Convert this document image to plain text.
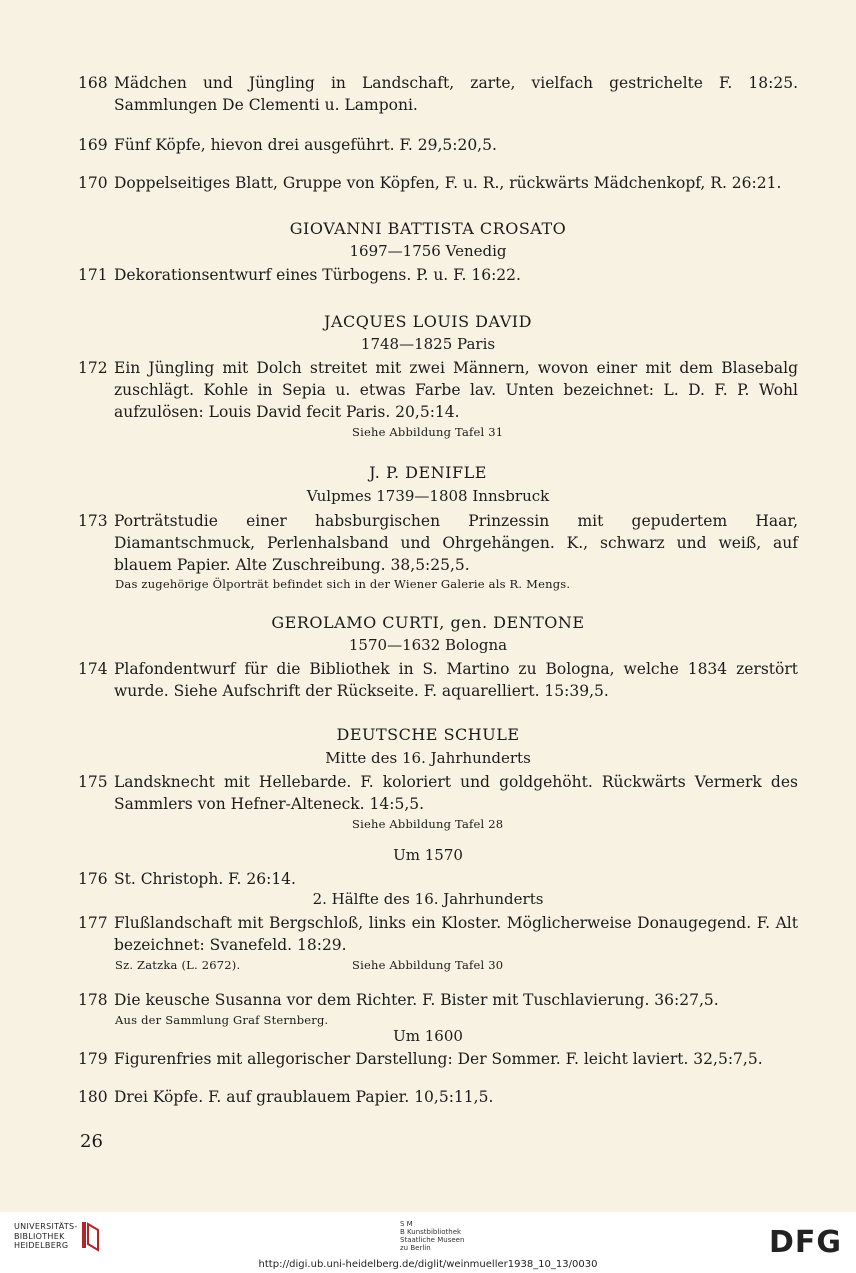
168 Mädchen und Jüngling in Landschaft, zarte, vielfach gestrichelte F. 18:25. Sammlungen De Clementi u. Lamponi.
169 Fünf Köpfe, hievon drei ausgeführt. F. 29,5:20,5.
170 Doppelseitiges Blatt, Gruppe von Köpfen, F. u. R., rückwärts Mädchenkopf, R. 26:21.
GIOVANNI BATTISTA CROSATO
1697—1756 Venedig
171 Dekorationsentwurf eines Türbogens. P. u. F. 16:22.
JACQUES LOUIS DAVID
1748—1825 Paris
172 Ein Jüngling mit Dolch streitet mit zwei Männern, wovon einer mit dem Blasebalg zuschlägt. Kohle in Sepia u. etwas Farbe lav. Unten bezeichnet: L. D. F. P. Wohl aufzulösen: Louis David fecit Paris. 20,5:14.
Siehe Abbildung Tafel 31
J. P. DENIFLE
Vulpmes 1739—1808 Innsbruck
173 Porträtstudie einer habsburgischen Prinzessin mit gepudertem Haar, Diamantschmuck, Perlenhalsband und Ohrgehängen. K., schwarz und weiß, auf blauem Papier. Alte Zuschreibung. 38,5:25,5.
Das zugehörige Ölporträt befindet sich in der Wiener Galerie als R. Mengs.
GEROLAMO CURTI, gen. DENTONE
1570—1632 Bologna
174 Plafondentwurf für die Bibliothek in S. Martino zu Bologna, welche 1834 zerstört wurde. Siehe Aufschrift der Rückseite. F. aquarelliert. 15:39,5.
DEUTSCHE SCHULE
Mitte des 16. Jahrhunderts
175 Landsknecht mit Hellebarde. F. koloriert und goldgehöht. Rückwärts Vermerk des Sammlers von Hefner-Alteneck. 14:5,5.
Siehe Abbildung Tafel 28
Um 1570
176 St. Christoph. F. 26:14.
2. Hälfte des 16. Jahrhunderts
177 Flußlandschaft mit Bergschloß, links ein Kloster. Möglicherweise Donaugegend. F. Alt bezeichnet: Svanefeld. 18:29.
Sz. Zatzka (L. 2672).	Siehe Abbildung Tafel 30
178 Die keusche Susanna vor dem Richter. F. Bister mit Tuschlavierung. 36:27,5.
Aus der Sammlung Graf Sternberg.
Um 1600
179 Figurenfries mit allegorischer Darstellung: Der Sommer. F. leicht laviert. 32,5:7,5.
180 Drei Köpfe. F. auf graublauem Papier. 10,5:11,5.
26
UNIVERSITÄTS-
BIBLIOTHEK
HEIDELBERG
S M
B Kunstbibliothek
Staatliche Museen
zu Berlin	DFG
http://digi.ub.uni-heidelberg.de/diglit/weinmueller1938_10_13/0030
